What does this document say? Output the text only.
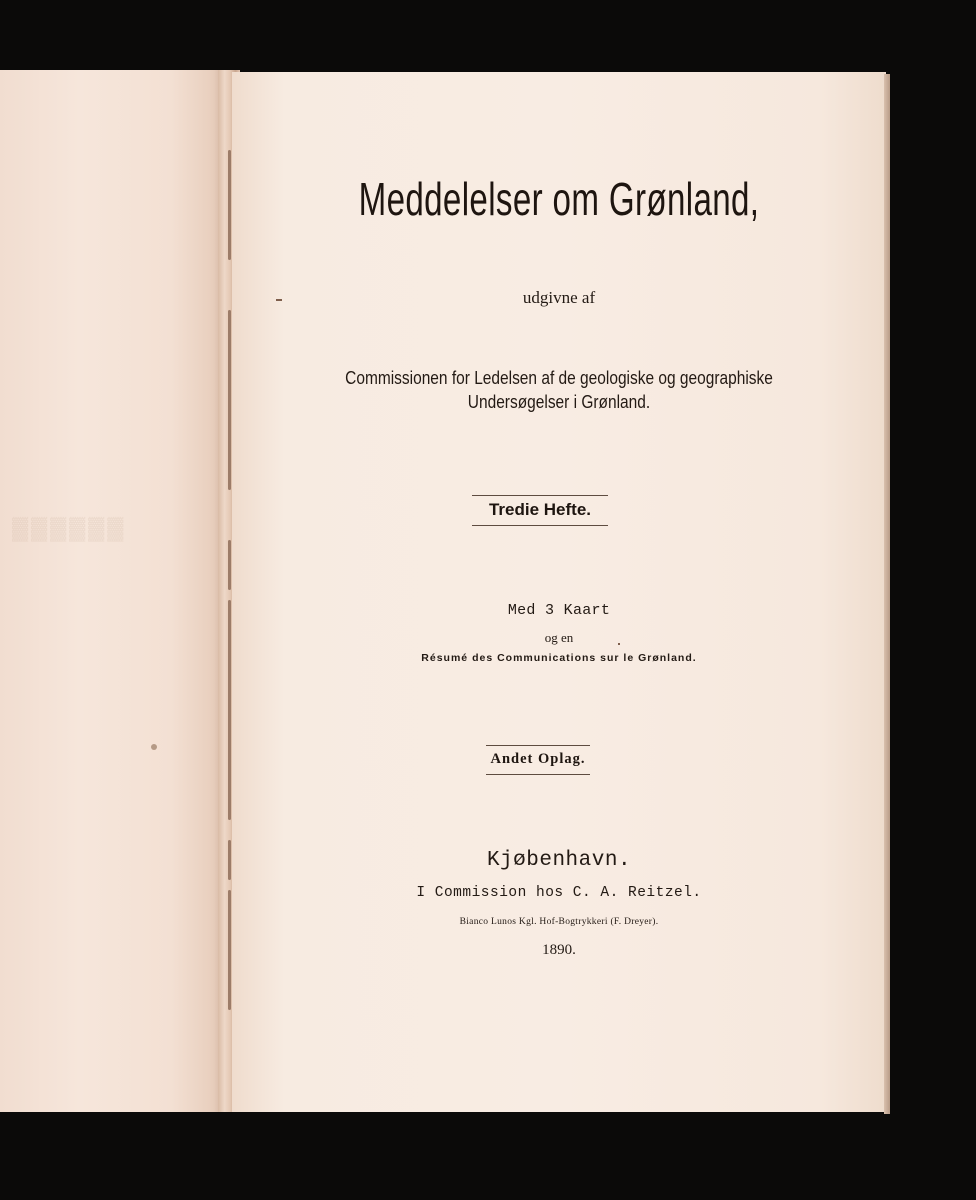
▓▓▓▓▓▓
Meddelelser om Grønland,
udgivne af
Commissionen for Ledelsen af de geologiske og geographiske
Undersøgelser i Grønland.
Tredie Hefte.
Med 3 Kaart
og en
Résumé des Communications sur le Grønland.
Andet Oplag.
Kjøbenhavn.
I Commission hos C. A. Reitzel.
Bianco Lunos Kgl. Hof-Bogtrykkeri (F. Dreyer).
1890.
